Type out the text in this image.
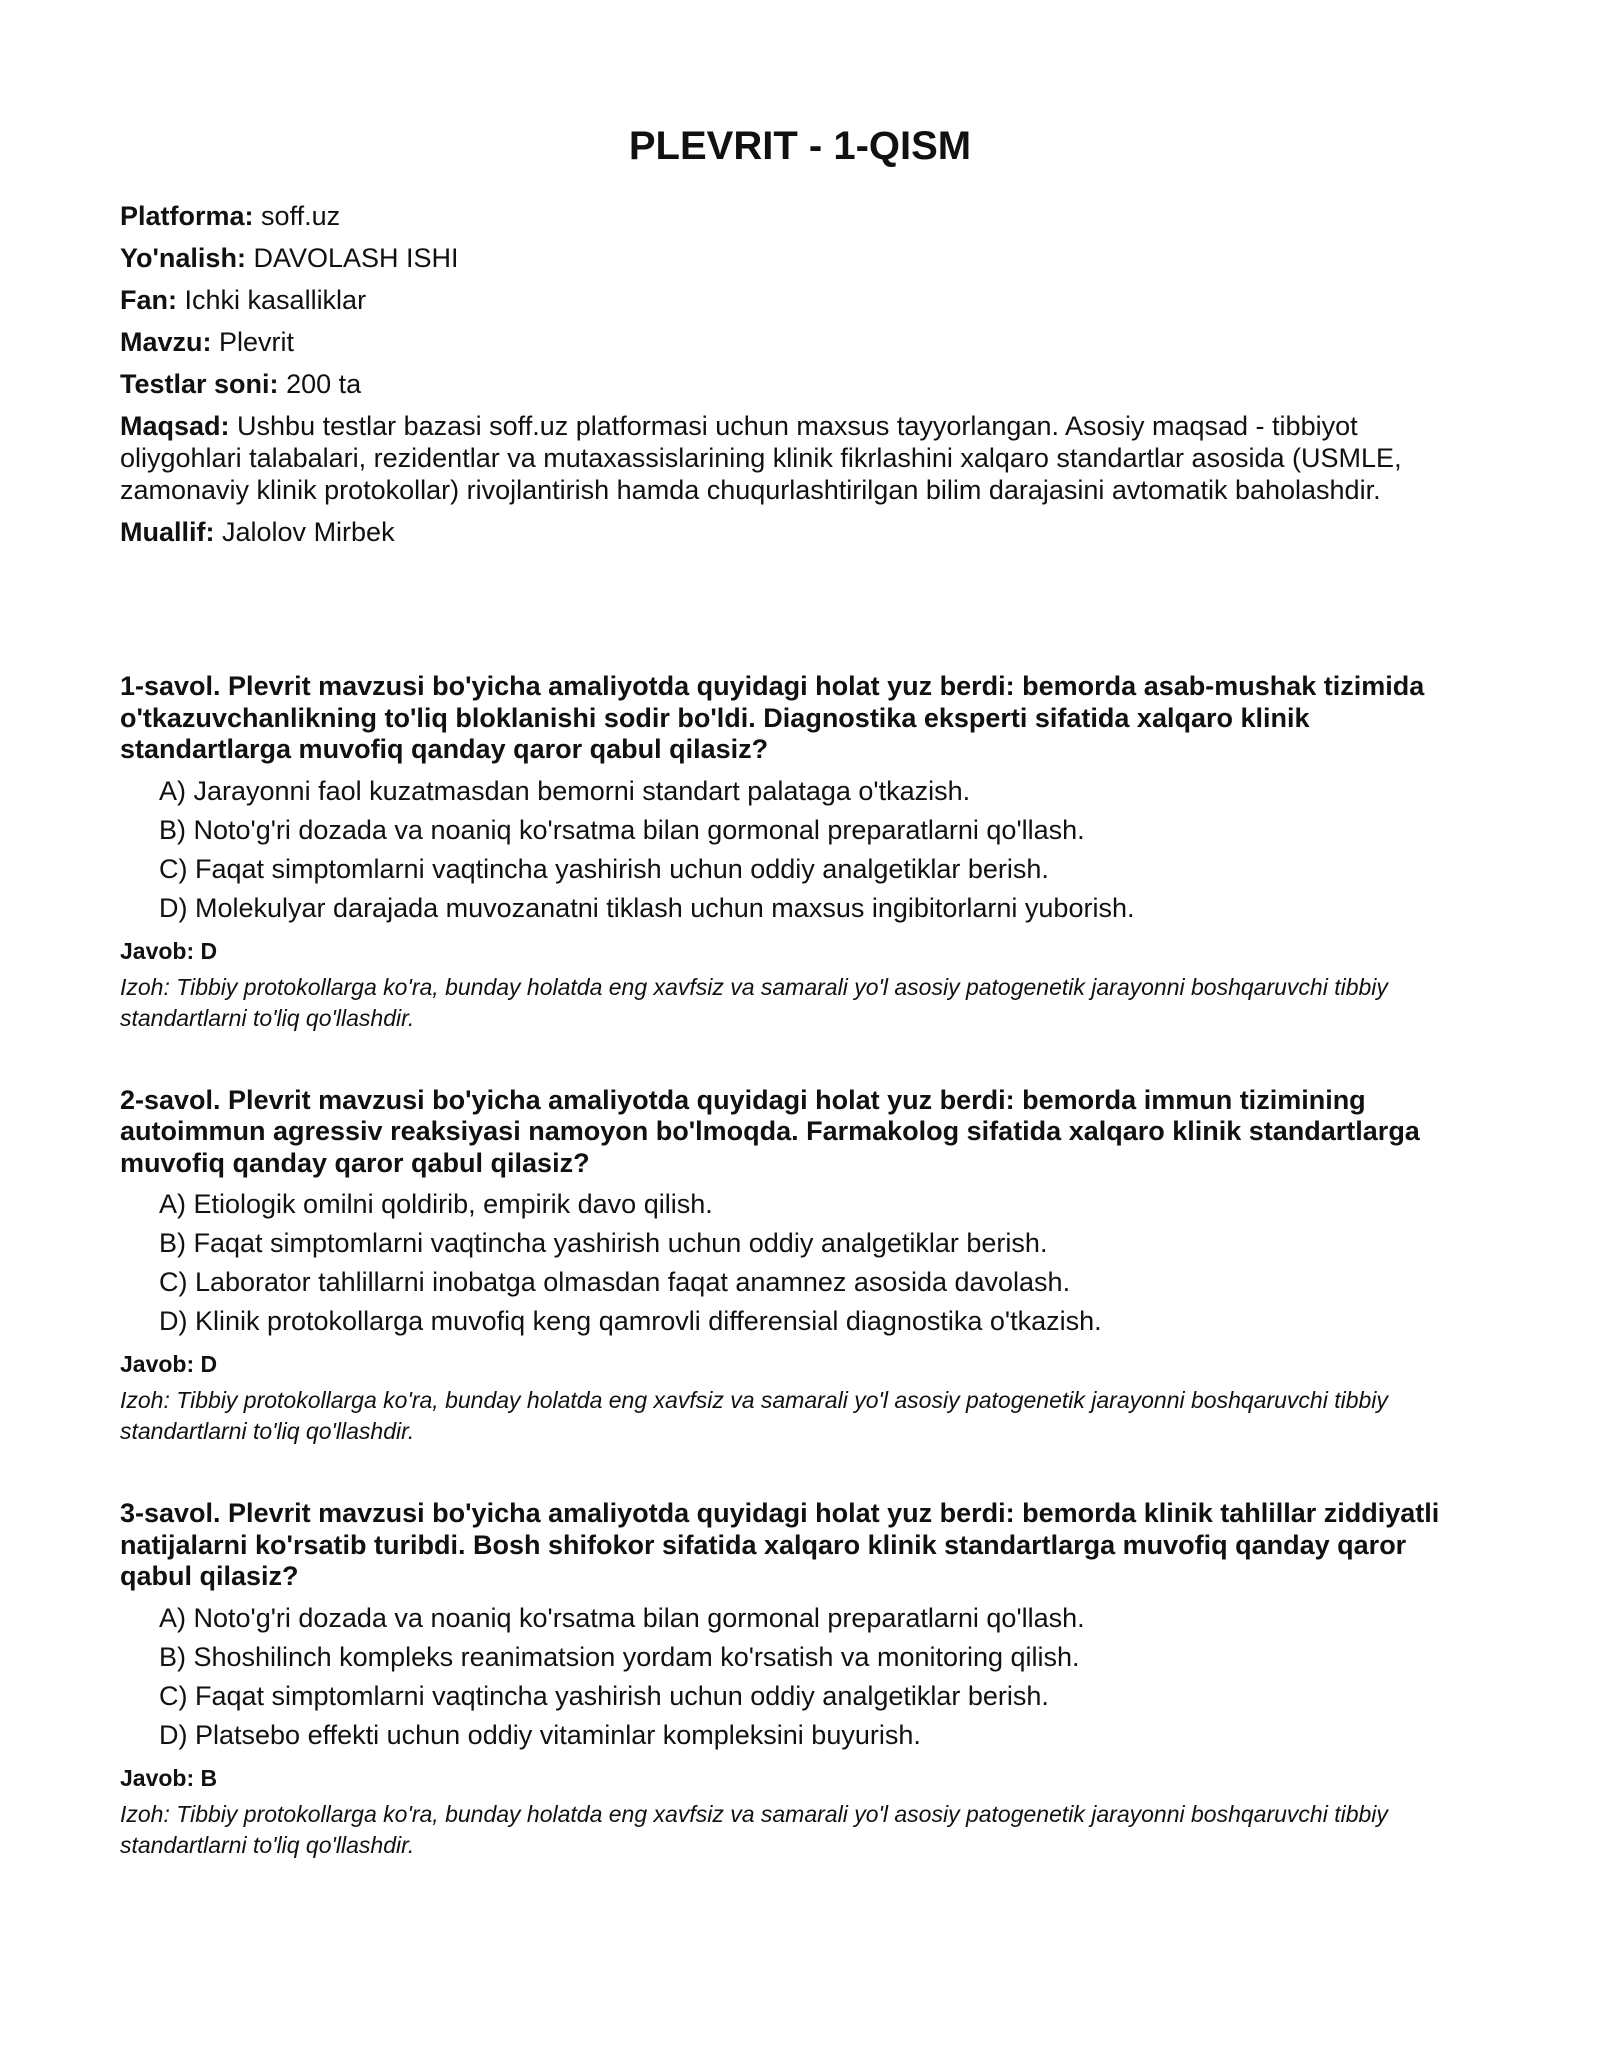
PLEVRIT - 1-QISM
Platforma: soff.uz
Yo'nalish: DAVOLASH ISHI
Fan: Ichki kasalliklar
Mavzu: Plevrit
Testlar soni: 200 ta
Maqsad: Ushbu testlar bazasi soff.uz platformasi uchun maxsus tayyorlangan. Asosiy maqsad - tibbiyot oliygohlari talabalari, rezidentlar va mutaxassislarining klinik fikrlashini xalqaro standartlar asosida (USMLE, zamonaviy klinik protokollar) rivojlantirish hamda chuqurlashtirilgan bilim darajasini avtomatik baholashdir.
Muallif: Jalolov Mirbek

1-savol. Plevrit mavzusi bo'yicha amaliyotda quyidagi holat yuz berdi: bemorda asab-mushak tizimida o'tkazuvchanlikning to'liq bloklanishi sodir bo'ldi. Diagnostika eksperti sifatida xalqaro klinik standartlarga muvofiq qanday qaror qabul qilasiz?

A) Jarayonni faol kuzatmasdan bemorni standart palataga o'tkazish.
B) Noto'g'ri dozada va noaniq ko'rsatma bilan gormonal preparatlarni qo'llash.
C) Faqat simptomlarni vaqtincha yashirish uchun oddiy analgetiklar berish.
D) Molekulyar darajada muvozanatni tiklash uchun maxsus ingibitorlarni yuborish.
Javob: D
Izoh: Tibbiy protokollarga ko'ra, bunday holatda eng xavfsiz va samarali yo'l asosiy patogenetik jarayonni boshqaruvchi tibbiy standartlarni to'liq qo'llashdir.

2-savol. Plevrit mavzusi bo'yicha amaliyotda quyidagi holat yuz berdi: bemorda immun tizimining autoimmun agressiv reaksiyasi namoyon bo'lmoqda. Farmakolog sifatida xalqaro klinik standartlarga muvofiq qanday qaror qabul qilasiz?

A) Etiologik omilni qoldirib, empirik davo qilish.
B) Faqat simptomlarni vaqtincha yashirish uchun oddiy analgetiklar berish.
C) Laborator tahlillarni inobatga olmasdan faqat anamnez asosida davolash.
D) Klinik protokollarga muvofiq keng qamrovli differensial diagnostika o'tkazish.
Javob: D
Izoh: Tibbiy protokollarga ko'ra, bunday holatda eng xavfsiz va samarali yo'l asosiy patogenetik jarayonni boshqaruvchi tibbiy standartlarni to'liq qo'llashdir.

3-savol. Plevrit mavzusi bo'yicha amaliyotda quyidagi holat yuz berdi: bemorda klinik tahlillar ziddiyatli natijalarni ko'rsatib turibdi. Bosh shifokor sifatida xalqaro klinik standartlarga muvofiq qanday qaror qabul qilasiz?

A) Noto'g'ri dozada va noaniq ko'rsatma bilan gormonal preparatlarni qo'llash.
B) Shoshilinch kompleks reanimatsion yordam ko'rsatish va monitoring qilish.
C) Faqat simptomlarni vaqtincha yashirish uchun oddiy analgetiklar berish.
D) Platsebo effekti uchun oddiy vitaminlar kompleksini buyurish.
Javob: B
Izoh: Tibbiy protokollarga ko'ra, bunday holatda eng xavfsiz va samarali yo'l asosiy patogenetik jarayonni boshqaruvchi tibbiy standartlarni to'liq qo'llashdir.
